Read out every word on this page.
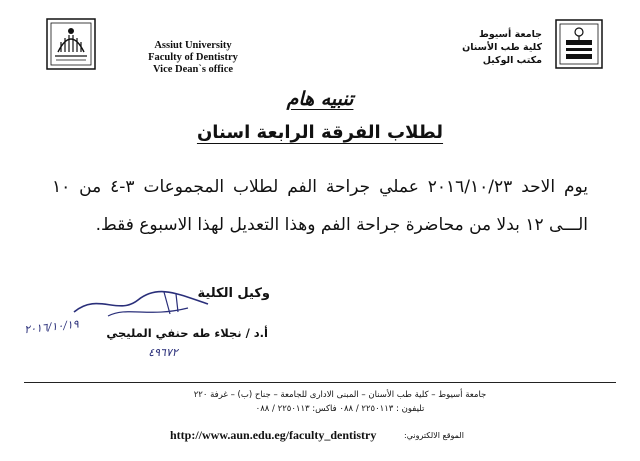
Assiut University
Faculty of Dentistry
Vice Dean`s office
جامعة أسيوط
كلية طب الأسنان
مكتب الوكيل
تنبيه هام
لطلاب الفرقة الرابعة اسنان
يوم الاحد ٢٠١٦/١٠/٢٣ عملي جراحة الفم لطلاب المجموعات ٣-٤ من ١٠ الـــى ١٢ بدلا من محاضرة جراحة الفم وهذا التعديل لهذا الاسبوع فقط.
وكيل الكلية
٢٠١٦/١٠/١٩	أ.د / نجلاء طه حنفي المليجي
٤٩٦٧٢
جامعة أسيوط – كلية طب الأسنان – المبنى الادارى للجامعة – جناح (ب) – غرفة ٢٢٠
تليفون : ٢٢٥٠١١٣ / ٠٨٨ فاكس: ٢٢٥٠١١٣ / ٠٨٨
http://www.aun.edu.eg/faculty_dentistry	الموقع الالكتروني:
